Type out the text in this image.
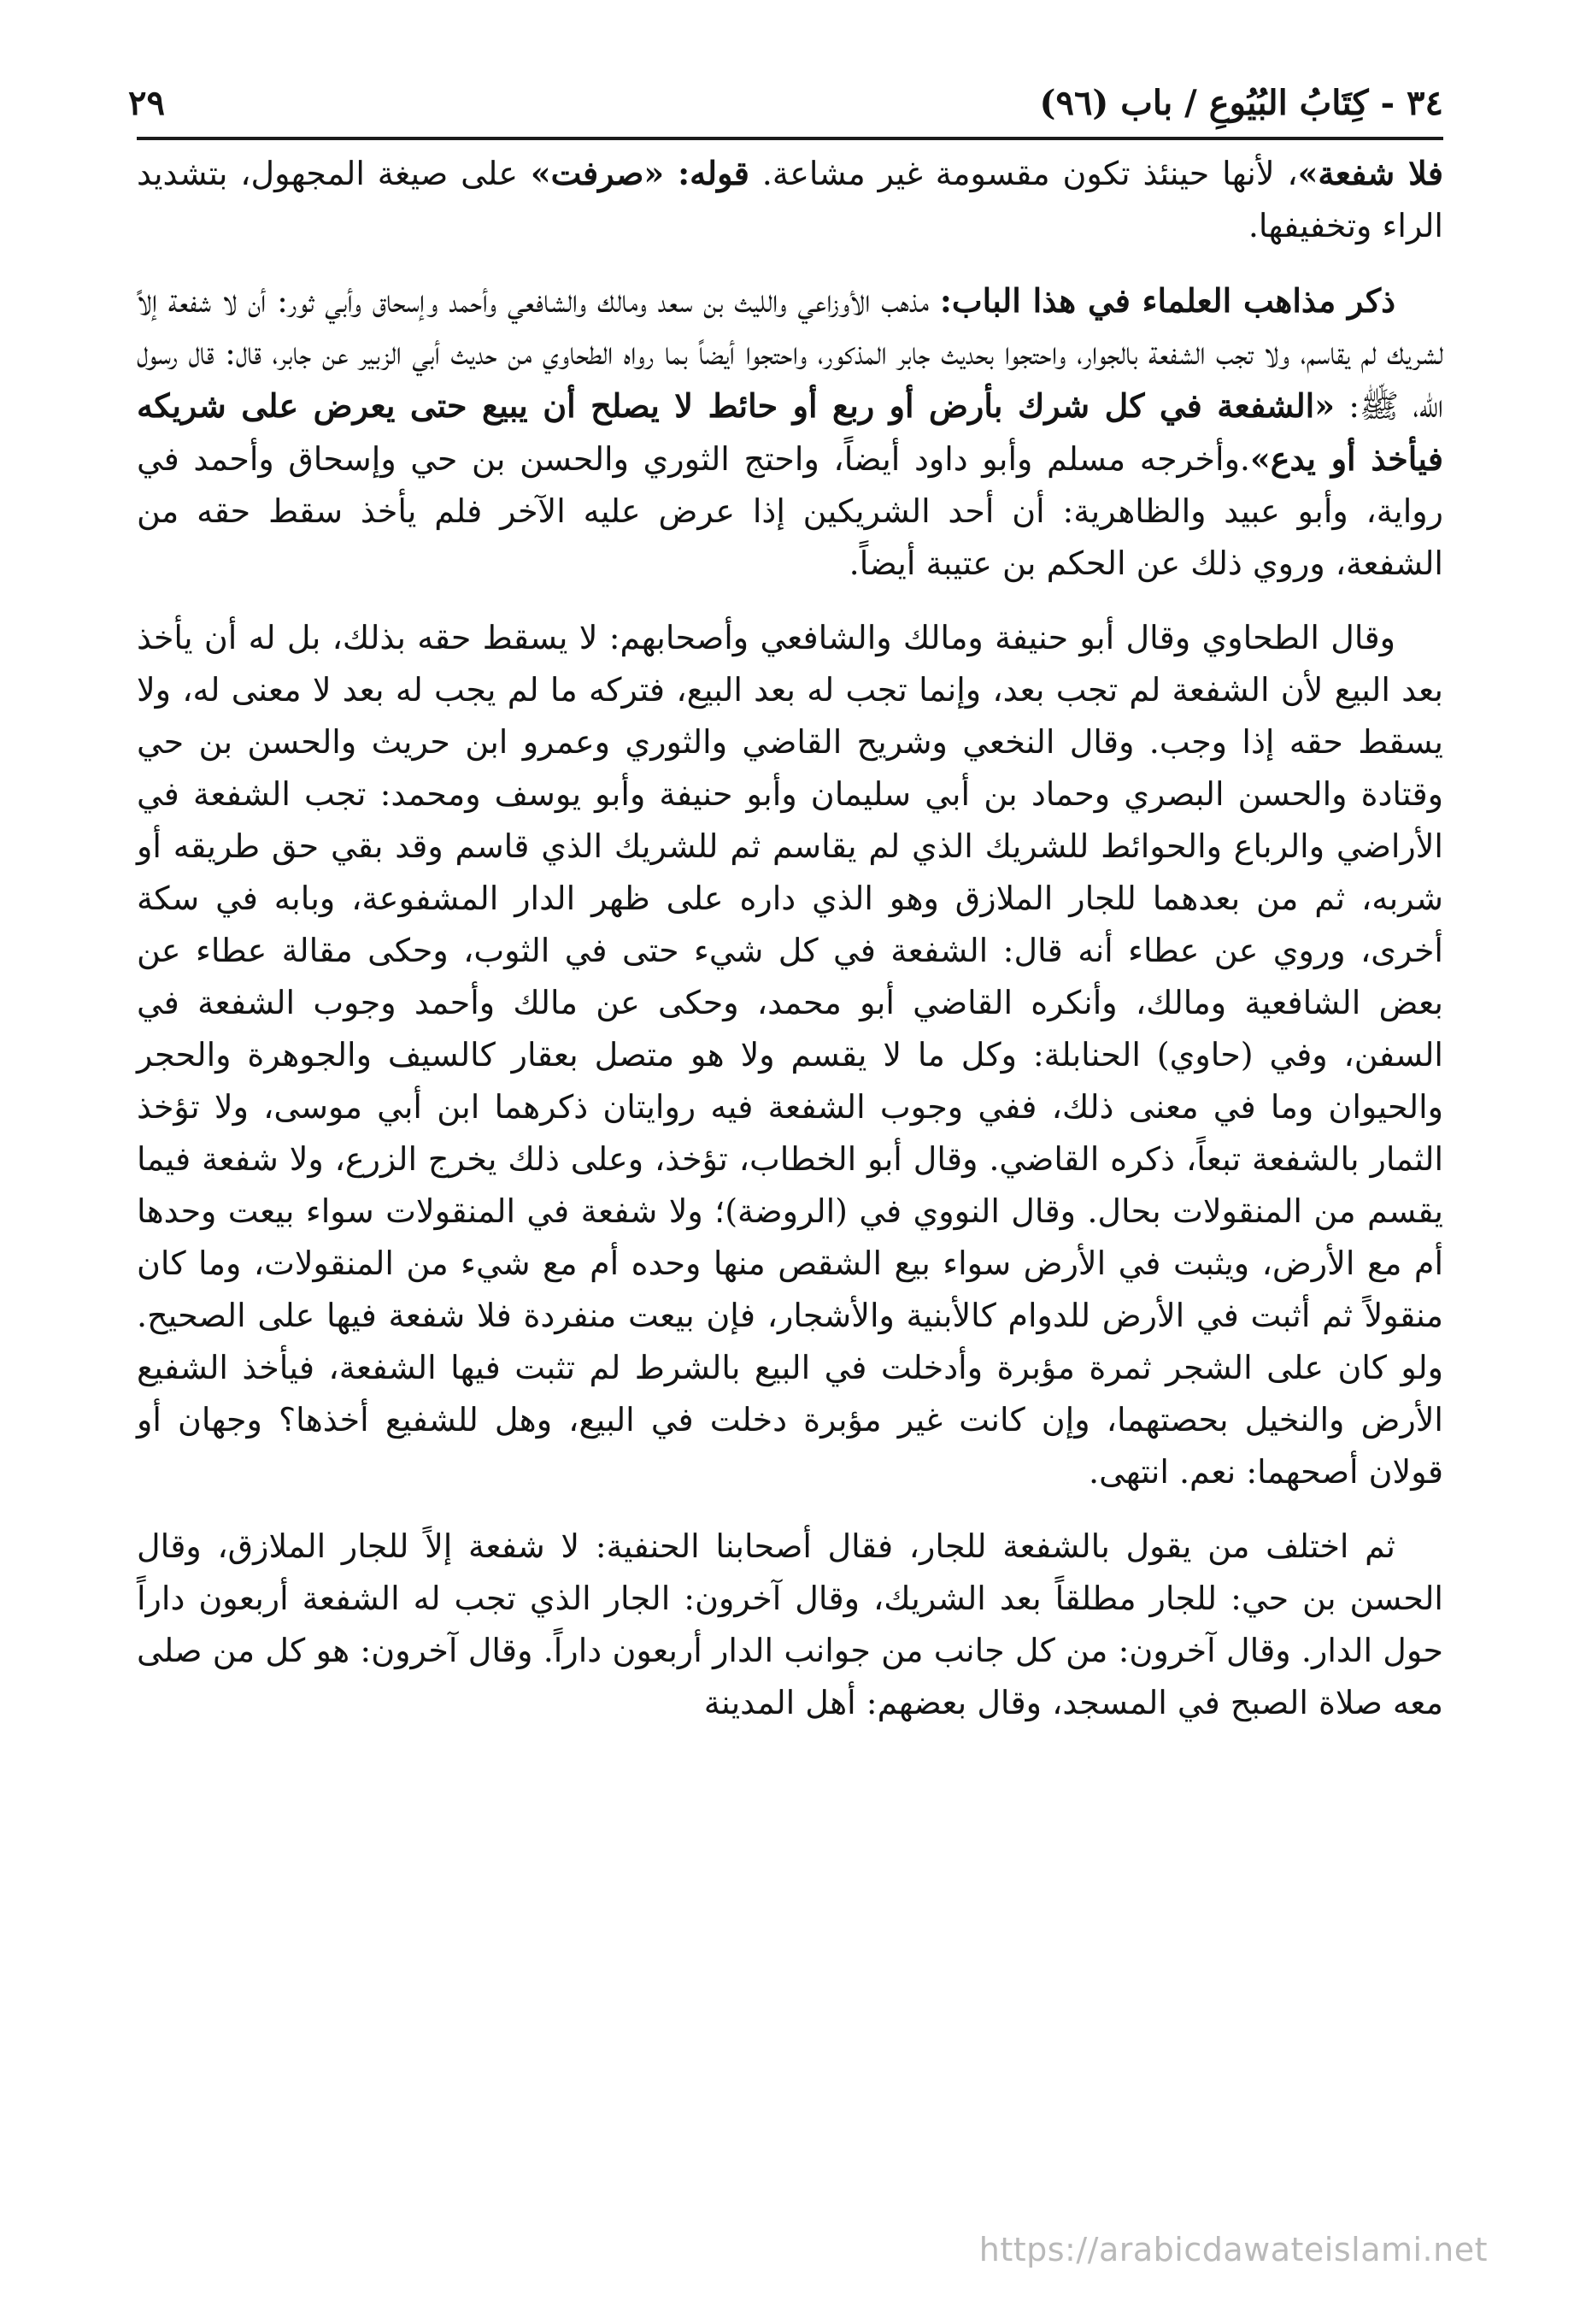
٣٤ - كِتَابُ البُيُوعِ / باب (٩٦)
٢٩

فلا شفعة»، لأنها حينئذ تكون مقسومة غير مشاعة. قوله: «صرفت» على صيغة المجهول، بتشديد الراء وتخفيفها.

ذكر مذاهب العلماء في هذا الباب: مذهب الأوزاعي والليث بن سعد ومالك والشافعي وأحمد وإسحاق وأبي ثور: أن لا شفعة إلاً لشريك لم يقاسم، ولا تجب الشفعة بالجوار، واحتجوا بحديث جابر المذكور، واحتجوا أيضاً بما رواه الطحاوي من حديث أبي الزبير عن جابر، قال: قال رسول الله، ﷺ: «الشفعة في كل شرك بأرض أو ربع أو حائط لا يصلح أن يبيع حتى يعرض على شريكه فيأخذ أو يدع».وأخرجه مسلم وأبو داود أيضاً، واحتج الثوري والحسن بن حي وإسحاق وأحمد في رواية، وأبو عبيد والظاهرية: أن أحد الشريكين إذا عرض عليه الآخر فلم يأخذ سقط حقه من الشفعة، وروي ذلك عن الحكم بن عتيبة أيضاً.

وقال الطحاوي وقال أبو حنيفة ومالك والشافعي وأصحابهم: لا يسقط حقه بذلك، بل له أن يأخذ بعد البيع لأن الشفعة لم تجب بعد، وإنما تجب له بعد البيع، فتركه ما لم يجب له بعد لا معنى له، ولا يسقط حقه إذا وجب. وقال النخعي وشريح القاضي والثوري وعمرو ابن حريث والحسن بن حي وقتادة والحسن البصري وحماد بن أبي سليمان وأبو حنيفة وأبو يوسف ومحمد: تجب الشفعة في الأراضي والرباع والحوائط للشريك الذي لم يقاسم ثم للشريك الذي قاسم وقد بقي حق طريقه أو شربه، ثم من بعدهما للجار الملازق وهو الذي داره على ظهر الدار المشفوعة، وبابه في سكة أخرى، وروي عن عطاء أنه قال: الشفعة في كل شيء حتى في الثوب، وحكى مقالة عطاء عن بعض الشافعية ومالك، وأنكره القاضي أبو محمد، وحكى عن مالك وأحمد وجوب الشفعة في السفن، وفي (حاوي) الحنابلة: وكل ما لا يقسم ولا هو متصل بعقار كالسيف والجوهرة والحجر والحيوان وما في معنى ذلك، ففي وجوب الشفعة فيه روايتان ذكرهما ابن أبي موسى، ولا تؤخذ الثمار بالشفعة تبعاً، ذكره القاضي. وقال أبو الخطاب، تؤخذ، وعلى ذلك يخرج الزرع، ولا شفعة فيما يقسم من المنقولات بحال. وقال النووي في (الروضة)؛ ولا شفعة في المنقولات سواء بيعت وحدها أم مع الأرض، ويثبت في الأرض سواء بيع الشقص منها وحده أم مع شيء من المنقولات، وما كان منقولاً ثم أثبت في الأرض للدوام كالأبنية والأشجار، فإن بيعت منفردة فلا شفعة فيها على الصحيح. ولو كان على الشجر ثمرة مؤبرة وأدخلت في البيع بالشرط لم تثبت فيها الشفعة، فيأخذ الشفيع الأرض والنخيل بحصتهما، وإن كانت غير مؤبرة دخلت في البيع، وهل للشفيع أخذها؟ وجهان أو قولان أصحهما: نعم. انتهى.

ثم اختلف من يقول بالشفعة للجار، فقال أصحابنا الحنفية: لا شفعة إلاً للجار الملازق، وقال الحسن بن حي: للجار مطلقاً بعد الشريك، وقال آخرون: الجار الذي تجب له الشفعة أربعون داراً حول الدار. وقال آخرون: من كل جانب من جوانب الدار أربعون داراً. وقال آخرون: هو كل من صلى معه صلاة الصبح في المسجد، وقال بعضهم: أهل المدينة

https://arabicdawateislami.net
